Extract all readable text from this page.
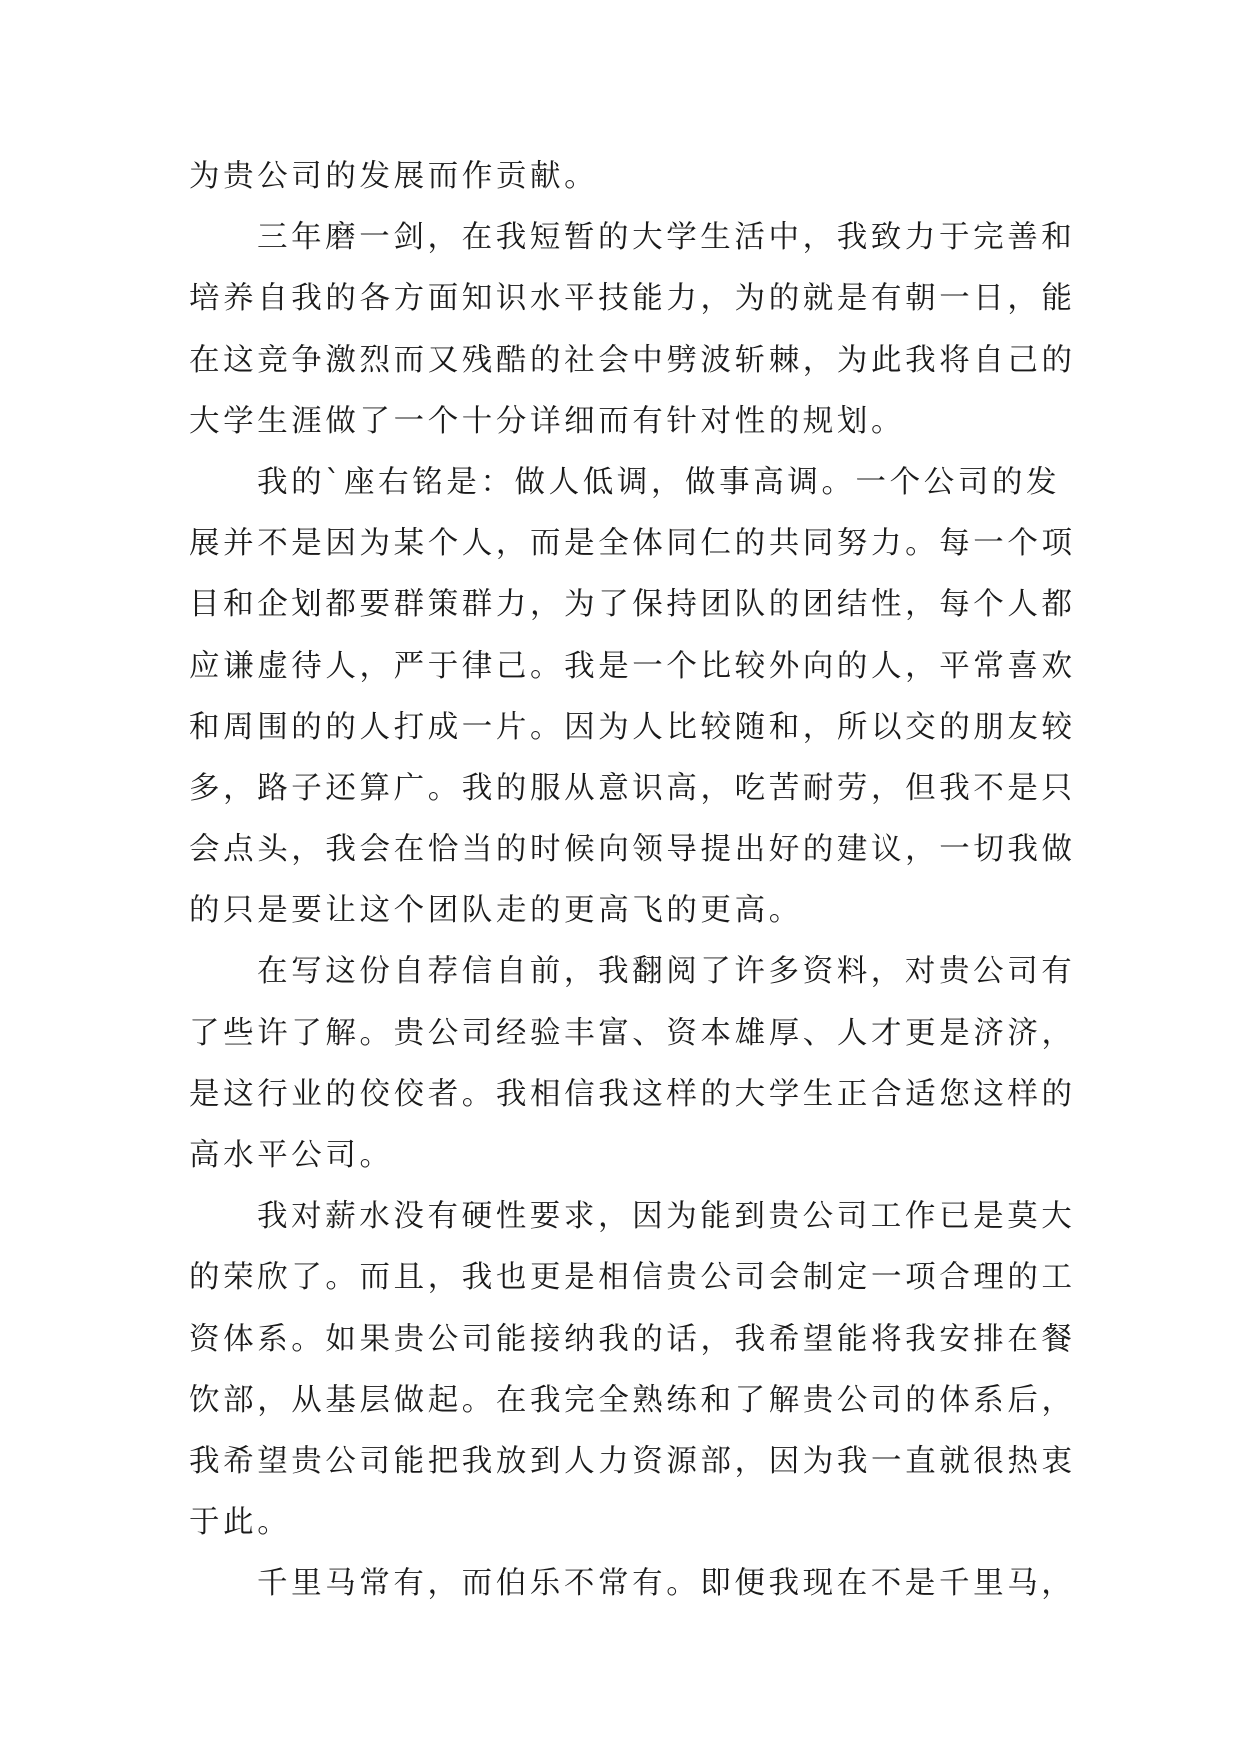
为贵公司的发展而作贡献。
三年磨一剑，在我短暂的大学生活中，我致力于完善和
培养自我的各方面知识水平技能力，为的就是有朝一日，能
在这竞争激烈而又残酷的社会中劈波斩棘，为此我将自己的
大学生涯做了一个十分详细而有针对性的规划。
我的`座右铭是：做人低调，做事高调。一个公司的发
展并不是因为某个人，而是全体同仁的共同努力。每一个项
目和企划都要群策群力，为了保持团队的团结性，每个人都
应谦虚待人，严于律己。我是一个比较外向的人，平常喜欢
和周围的的人打成一片。因为人比较随和，所以交的朋友较
多，路子还算广。我的服从意识高，吃苦耐劳，但我不是只
会点头，我会在恰当的时候向领导提出好的建议，一切我做
的只是要让这个团队走的更高飞的更高。
在写这份自荐信自前，我翻阅了许多资料，对贵公司有
了些许了解。贵公司经验丰富、资本雄厚、人才更是济济，
是这行业的佼佼者。我相信我这样的大学生正合适您这样的
高水平公司。
我对薪水没有硬性要求，因为能到贵公司工作已是莫大
的荣欣了。而且，我也更是相信贵公司会制定一项合理的工
资体系。如果贵公司能接纳我的话，我希望能将我安排在餐
饮部，从基层做起。在我完全熟练和了解贵公司的体系后，
我希望贵公司能把我放到人力资源部，因为我一直就很热衷
于此。
千里马常有，而伯乐不常有。即便我现在不是千里马，
